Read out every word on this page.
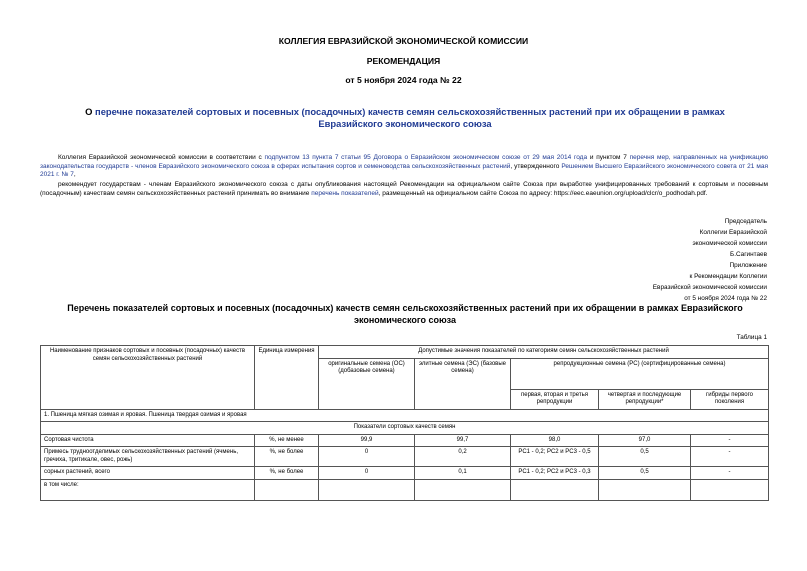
КОЛЛЕГИЯ ЕВРАЗИЙСКОЙ ЭКОНОМИЧЕСКОЙ КОМИССИИ
РЕКОМЕНДАЦИЯ
от 5 ноября 2024 года № 22
О перечне показателей сортовых и посевных (посадочных) качеств семян сельскохозяйственных растений при их обращении в рамках Евразийского экономического союза
Коллегия Евразийской экономической комиссии в соответствии с подпунктом 13 пункта 7 статьи 95 Договора о Евразийском экономическом союзе от 29 мая 2014 года и пунктом 7 перечня мер, направленных на унификацию законодательства государств - членов Евразийского экономического союза в сферах испытания сортов и семеноводства сельскохозяйственных растений, утвержденного Решением Высшего Евразийского экономического совета от 21 мая 2021 г. № 7,
рекомендует государствам - членам Евразийского экономического союза с даты опубликования настоящей Рекомендации на официальном сайте Союза при выработке унифицированных требований к сортовым и посевным (посадочным) качествам семян сельскохозяйственных растений принимать во внимание перечень показателей, размещенный на официальном сайте Союза по адресу: https://eec.eaeunion.org/upload/clcr/o_podhodah.pdf.
Председатель
Коллегии Евразийской
экономической комиссии
Б.Сагинтаев
Приложение
к Рекомендации Коллегии
Евразийской экономической комиссии
от 5 ноября 2024 года № 22
Перечень показателей сортовых и посевных (посадочных) качеств семян сельскохозяйственных растений при их обращении в рамках Евразийского экономического союза
Таблица 1
Наименование признаков сортовых и посевных (посадочных) качеств семян сельскохозяйственных растений	Единица измерения	Допустимые значения показателей по категориям семян сельскохозяйственных растений				
		оригинальные семена (ОС) (добазовые семена)	элитные семена (ЭС) (базовые семена)	репродукционные семена (РС) (сертифицированные семена)		
				первая, вторая и третья репродукции	четвертая и последующие репродукции*	гибриды первого поколения
1. Пшеница мягкая озимая и яровая. Пшеница твердая озимая и яровая						
Показатели сортовых качеств семян						
Сортовая чистота	%, не менее	99,9	99,7	98,0	97,0	-
Примесь трудноотделимых сельскохозяйственных растений (ячмень, гречиха, тритикале, овес, рожь)	%, не более	0	0,2	РС1 - 0,2; РС2 и РС3 - 0,5	0,5	-
сорных растений, всего	%, не более	0	0,1	РС1 - 0,2; РС2 и РС3 - 0,3	0,5	-
в том числе:						
